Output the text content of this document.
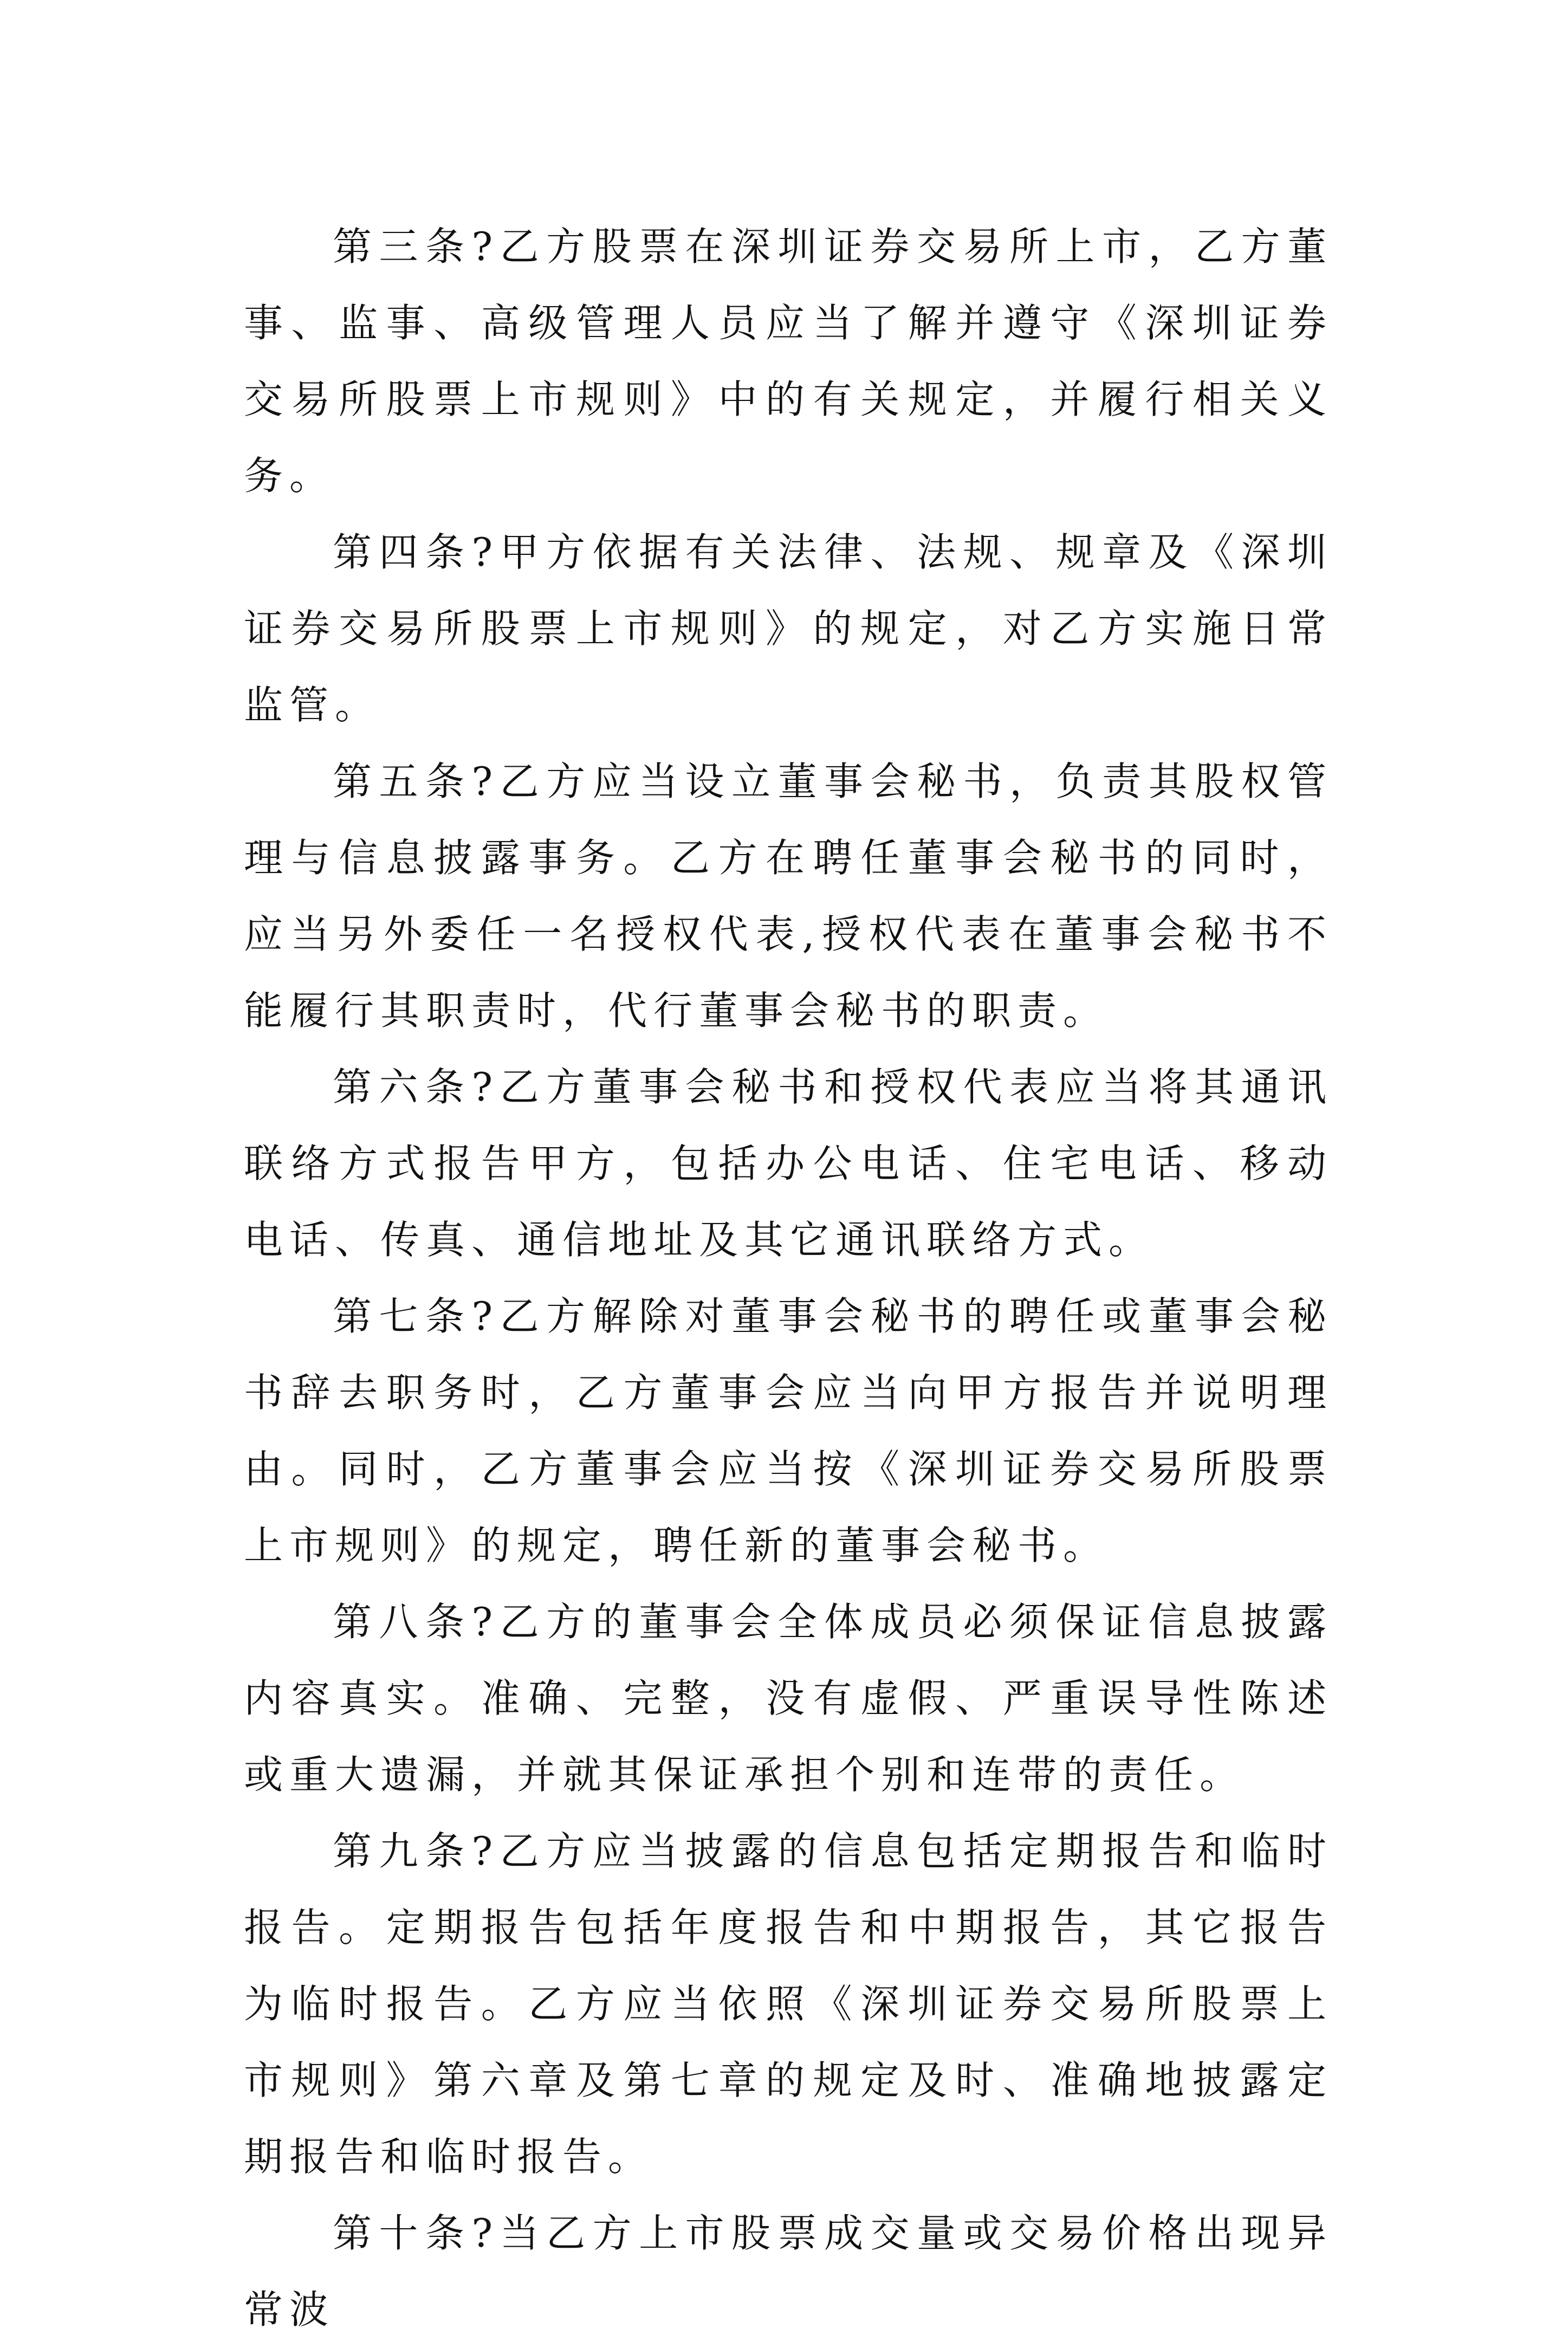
第三条?乙方股票在深圳证券交易所上市，乙方董事、监事、高级管理人员应当了解并遵守《深圳证券交易所股票上市规则》中的有关规定，并履行相关义务。

第四条?甲方依据有关法律、法规、规章及《深圳证券交易所股票上市规则》的规定，对乙方实施日常监管。

第五条?乙方应当设立董事会秘书，负责其股权管理与信息披露事务。乙方在聘任董事会秘书的同时，应当另外委任一名授权代表,授权代表在董事会秘书不能履行其职责时，代行董事会秘书的职责。

第六条?乙方董事会秘书和授权代表应当将其通讯联络方式报告甲方，包括办公电话、住宅电话、移动电话、传真、通信地址及其它通讯联络方式。

第七条?乙方解除对董事会秘书的聘任或董事会秘书辞去职务时，乙方董事会应当向甲方报告并说明理由。同时，乙方董事会应当按《深圳证券交易所股票上市规则》的规定，聘任新的董事会秘书。

第八条?乙方的董事会全体成员必须保证信息披露内容真实。准确、完整，没有虚假、严重误导性陈述或重大遗漏，并就其保证承担个别和连带的责任。

第九条?乙方应当披露的信息包括定期报告和临时报告。定期报告包括年度报告和中期报告，其它报告为临时报告。乙方应当依照《深圳证券交易所股票上市规则》第六章及第七章的规定及时、准确地披露定期报告和临时报告。

第十条?当乙方上市股票成交量或交易价格出现异常波
